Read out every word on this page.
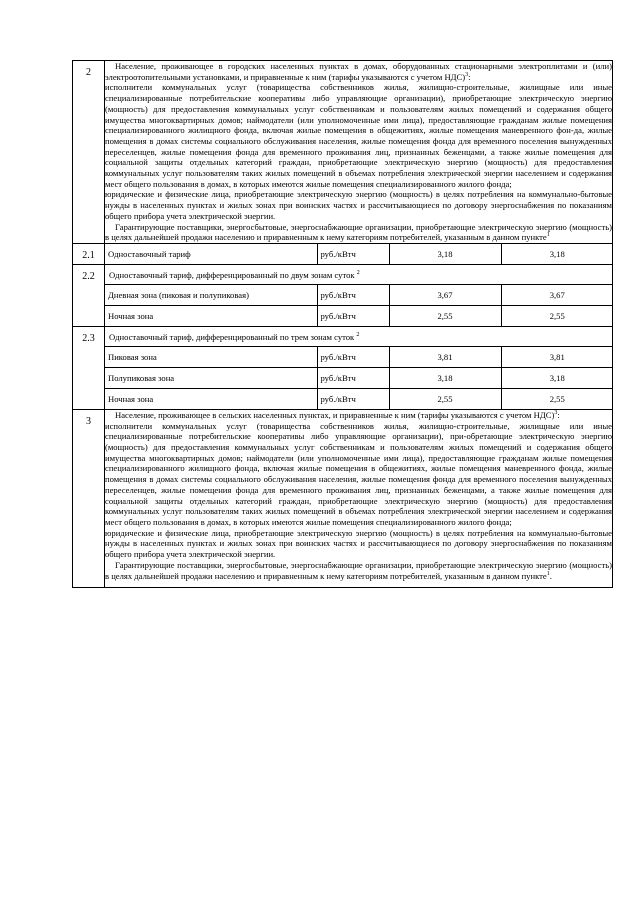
2	

Население, проживающее в городских населенных пунктах в домах, оборудованных стационарными электроплитами и (или) электроотопительными установками, и приравненные к ним (тарифы указываются с учетом НДС)$^3$:

исполнители коммунальных услуг (товарищества собственников жилья, жилищно-строительные, жилищные или иные специализированные потребительские кооперативы либо управляющие организации), приобретающие электрическую энергию (мощность) для предоставления коммунальных услуг собственникам и пользователям жилых помещений и содержания общего имущества многоквартирных домов; наймодатели (или уполномоченные ими лица), предоставляющие гражданам жилые помещения специализированного жилищного фонда, включая жилые помещения в общежитиях, жилые помещения маневренного фон-да, жилые помещения в домах системы социального обслуживания населения, жилые помещения фонда для временного поселения вынужденных переселенцев, жилые помещения фонда для временного проживания лиц, признанных беженцами, а также жилые помещения для социальной защиты отдельных категорий граждан, приобретающие электрическую энергию (мощность) для предоставления коммунальных услуг пользователям таких жилых помещений в объемах потребления электрической энергии населением и содержания мест общего пользования в домах, в которых имеются жилые помещения специализированного жилого фонда;

юридические и физические лица, приобретающие электрическую энергию (мощность) в целях потребления на коммунально-бытовые нужды в населенных пунктах и жилых зонах при воинских частях и рассчитывающиеся по договору энергоснабжения по показаниям общего прибора учета электрической энергии.

Гарантирующие поставщики, энергосбытовые, энергоснабжающие организации, приобретающие электрическую энергию (мощность) в целях дальнейшей продажи населению и приравненным к нему категориям потребителей, указанным в данном пункте$^1$

2.1	Одноставочный тариф	руб./кВтч	3,18	3,18

2.2	Одноставочный тариф, дифференцированный по двум зонам суток $^2$
Дневная зона (пиковая и полупиковая)	руб./кВтч	3,67	3,67
Ночная зона	руб./кВтч	2,55	2,55

2.3	Одноставочный тариф, дифференцированный по трем зонам суток $^2$
Пиковая зона	руб./кВтч	3,81	3,81
Полупиковая зона	руб./кВтч	3,18	3,18
Ночная зона	руб./кВтч	2,55	2,55

3	

Население, проживающее в сельских населенных пунктах, и приравненные к ним (тарифы указываются с учетом НДС)$^3$:

исполнители коммунальных услуг (товарищества собственников жилья, жилищно-строительные, жилищные или иные специализированные потребительские кооперативы либо управляющие организации), при-обретающие электрическую энергию (мощность) для предоставления коммунальных услуг собственникам и пользователям жилых помещений и содержания общего имущества многоквартирных домов; наймодатели (или уполномоченные ими лица), предоставляющие гражданам жилые помещения специализированного жилищного фонда, включая жилые помещения в общежитиях, жилые помещения маневренного фонда, жилые помещения в домах системы социального обслуживания населения, жилые помещения фонда для временного поселения вынужденных переселенцев, жилые помещения фонда для временного проживания лиц, признанных беженцами, а также жилые помещения для социальной защиты отдельных категорий граждан, приобретающие электрическую энергию (мощность) для предоставления коммунальных услуг пользователям таких жилых помещений в объемах потребления электрической энергии населением и содержания мест общего пользования в домах, в которых имеются жилые помещения специализированного жилого фонда;

юридические и физические лица, приобретающие электрическую энергию (мощность) в целях потребления на коммунально-бытовые нужды в населенных пунктах и жилых зонах при воинских частях и рассчитывающиеся по договору энергоснабжения по показаниям общего прибора учета электрической энергии.

Гарантирующие поставщики, энергосбытовые, энергоснабжающие организации, приобретающие электрическую энергию (мощность) в целях дальнейшей продажи населению и приравненным к нему категориям потребителей, указанным в данном пункте$^1$.
